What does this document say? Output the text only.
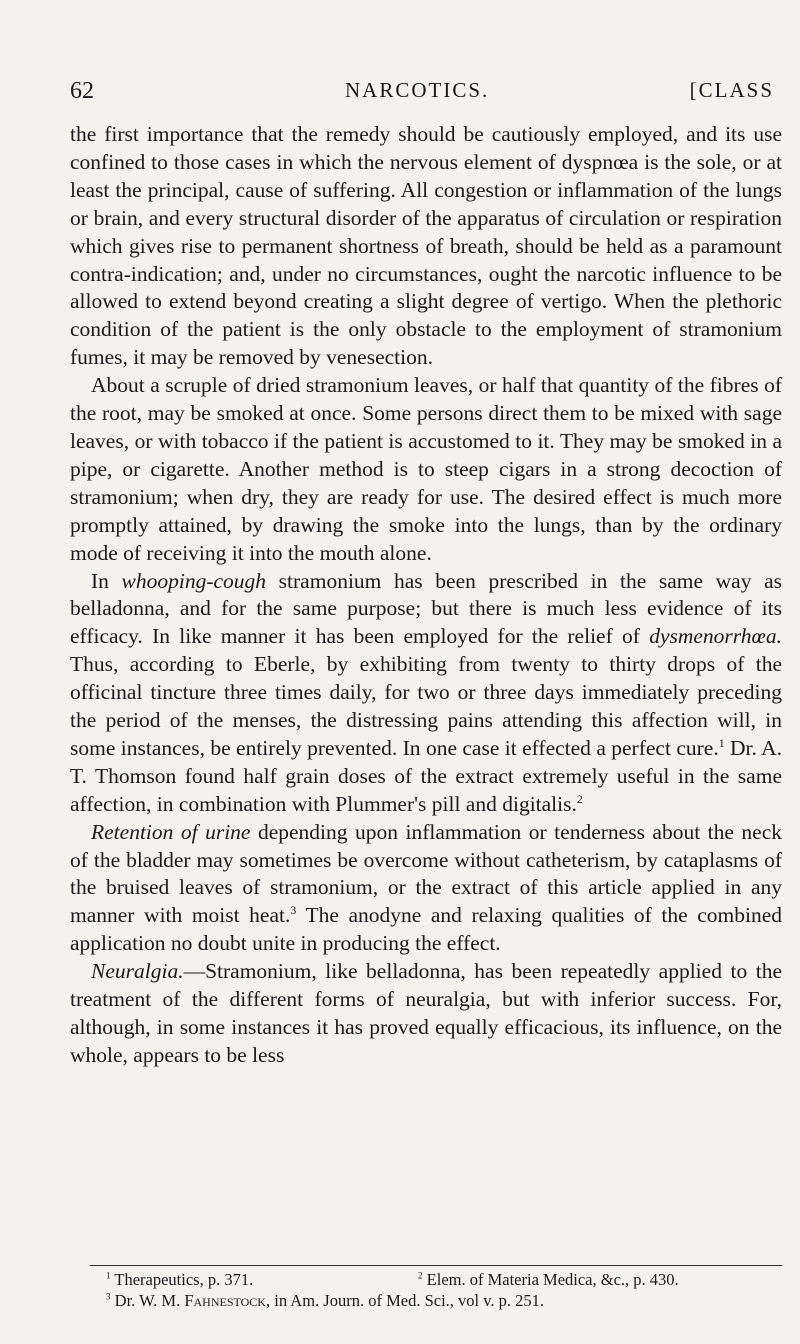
62	NARCOTICS.	[CLASS

the first importance that the remedy should be cautiously employed, and its use confined to those cases in which the nervous element of dyspnœa is the sole, or at least the principal, cause of suffering. All congestion or inflammation of the lungs or brain, and every structural disorder of the apparatus of circulation or respiration which gives rise to permanent shortness of breath, should be held as a paramount contra-indication; and, under no circumstances, ought the narcotic influence to be allowed to extend beyond creating a slight degree of vertigo. When the plethoric condition of the patient is the only obstacle to the employment of stramonium fumes, it may be removed by venesection.

About a scruple of dried stramonium leaves, or half that quantity of the fibres of the root, may be smoked at once. Some persons direct them to be mixed with sage leaves, or with tobacco if the patient is accustomed to it. They may be smoked in a pipe, or cigarette. Another method is to steep cigars in a strong decoction of stramonium; when dry, they are ready for use. The desired effect is much more promptly attained, by drawing the smoke into the lungs, than by the ordinary mode of receiving it into the mouth alone.

In whooping-cough stramonium has been prescribed in the same way as belladonna, and for the same purpose; but there is much less evidence of its efficacy. In like manner it has been employed for the relief of dysmenorrhœa. Thus, according to Eberle, by exhibiting from twenty to thirty drops of the officinal tincture three times daily, for two or three days immediately preceding the period of the menses, the distressing pains attending this affection will, in some instances, be entirely prevented. In one case it effected a perfect cure.$^1$ Dr. A. T. Thomson found half grain doses of the extract extremely useful in the same affection, in combination with Plummer's pill and digitalis.$^2$

Retention of urine depending upon inflammation or tenderness about the neck of the bladder may sometimes be overcome without catheterism, by cataplasms of the bruised leaves of stramonium, or the extract of this article applied in any manner with moist heat.$^3$ The anodyne and relaxing qualities of the combined application no doubt unite in producing the effect.

Neuralgia.—Stramonium, like belladonna, has been repeatedly applied to the treatment of the different forms of neuralgia, but with inferior success. For, although, in some instances it has proved equally efficacious, its influence, on the whole, appears to be less

$^1$ Therapeutics, p. 371.	$^2$ Elem. of Materia Medica, &c., p. 430.
$^3$ Dr. W. M. Fahnestock, in Am. Journ. of Med. Sci., vol v. p. 251.
